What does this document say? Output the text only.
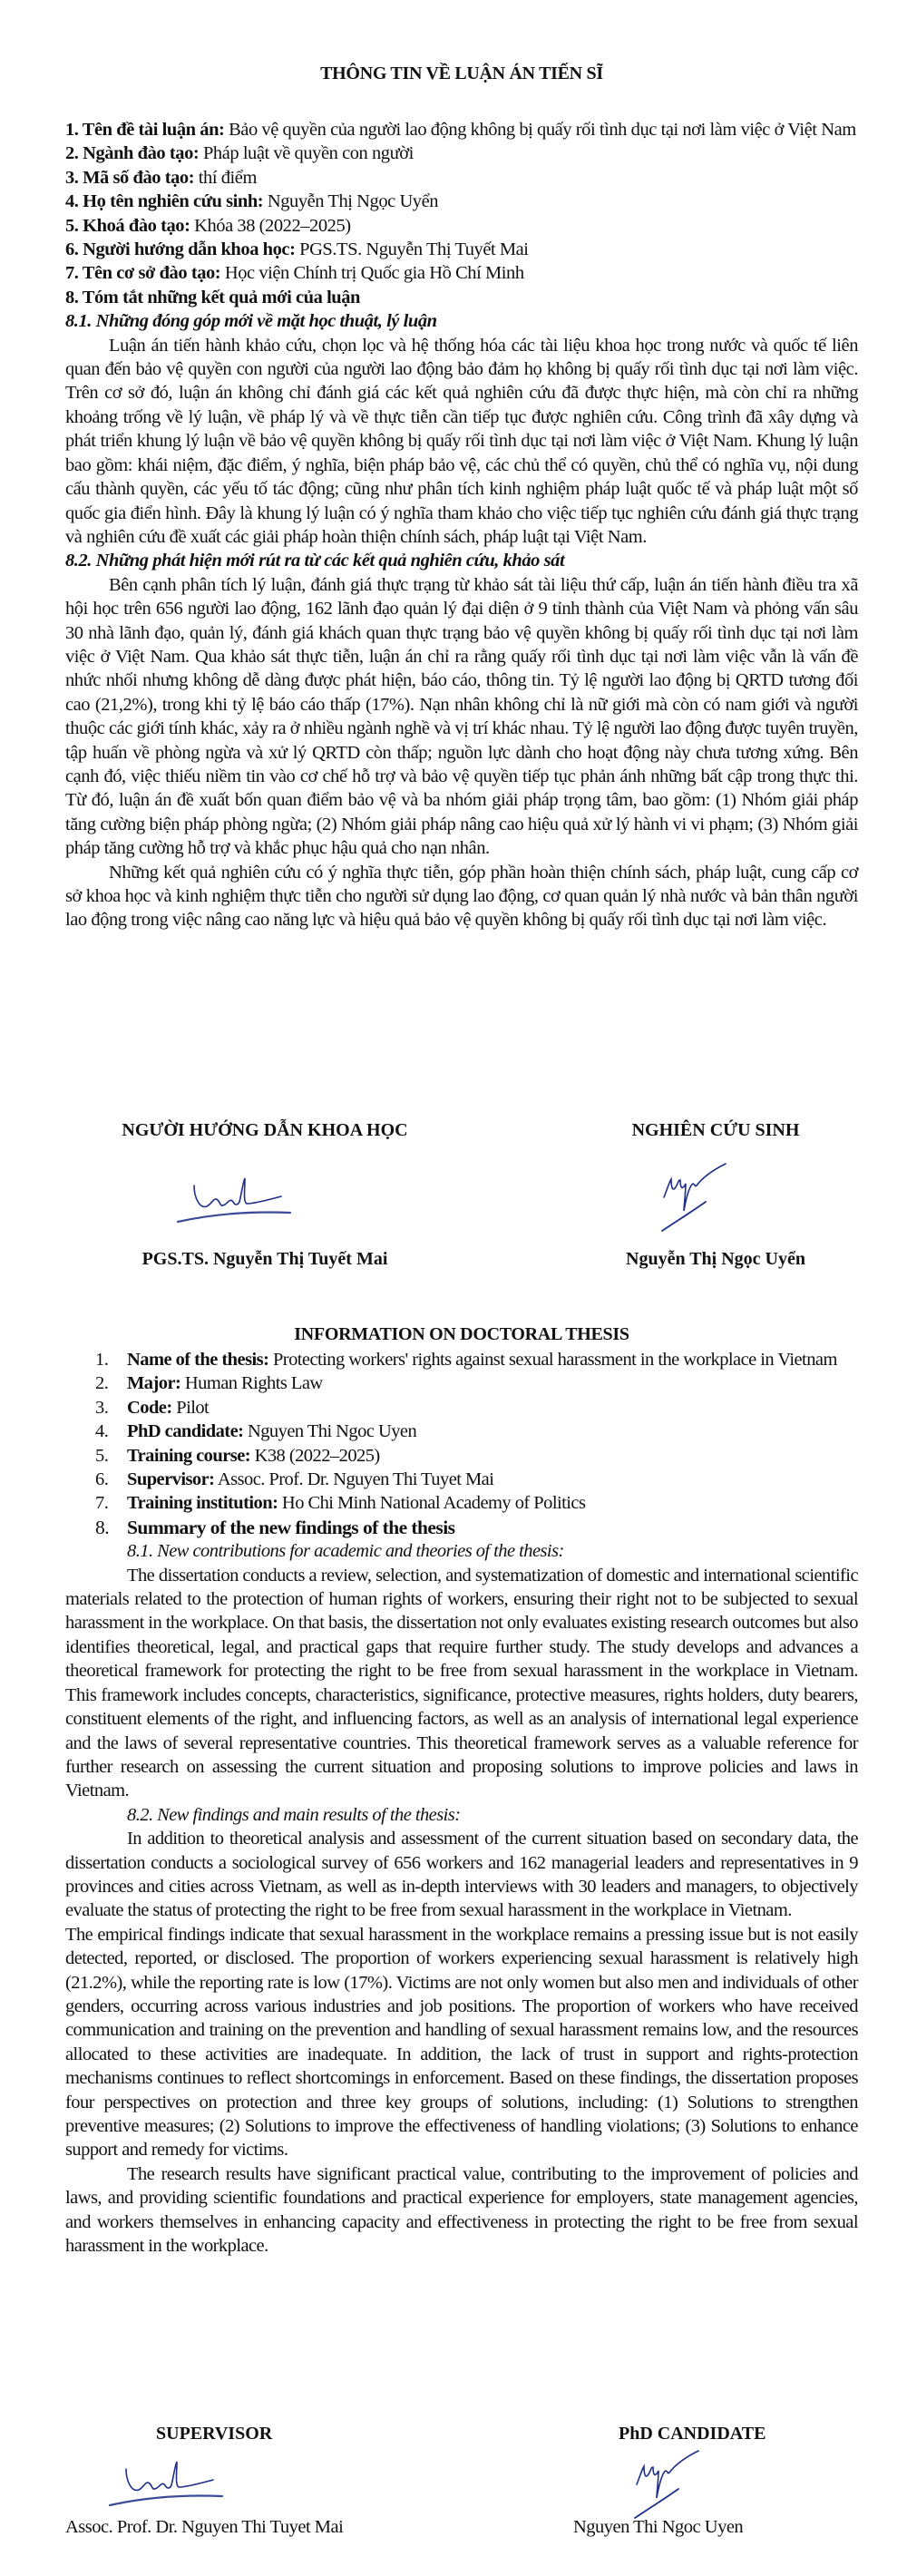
THÔNG TIN VỀ LUẬN ÁN TIẾN SĨ
1. Tên đề tài luận án: Bảo vệ quyền của người lao động không bị quấy rối tình dục tại nơi làm việc ở Việt Nam
2. Ngành đào tạo: Pháp luật về quyền con người
3. Mã số đào tạo: thí điểm
4. Họ tên nghiên cứu sinh: Nguyễn Thị Ngọc Uyển
5. Khoá đào tạo: Khóa 38 (2022–2025)
6. Người hướng dẫn khoa học: PGS.TS. Nguyễn Thị Tuyết Mai
7. Tên cơ sở đào tạo: Học viện Chính trị Quốc gia Hồ Chí Minh
8. Tóm tắt những kết quả mới của luận
8.1. Những đóng góp mới về mặt học thuật, lý luận

Luận án tiến hành khảo cứu, chọn lọc và hệ thống hóa các tài liệu khoa học trong nước và quốc tế liên quan đến bảo vệ quyền con người của người lao động bảo đảm họ không bị quấy rối tình dục tại nơi làm việc. Trên cơ sở đó, luận án không chỉ đánh giá các kết quả nghiên cứu đã được thực hiện, mà còn chỉ ra những khoảng trống về lý luận, về pháp lý và về thực tiễn cần tiếp tục được nghiên cứu. Công trình đã xây dựng và phát triển khung lý luận về bảo vệ quyền không bị quấy rối tình dục tại nơi làm việc ở Việt Nam. Khung lý luận bao gồm: khái niệm, đặc điểm, ý nghĩa, biện pháp bảo vệ, các chủ thể có quyền, chủ thể có nghĩa vụ, nội dung cấu thành quyền, các yếu tố tác động; cũng như phân tích kinh nghiệm pháp luật quốc tế và pháp luật một số quốc gia điển hình. Đây là khung lý luận có ý nghĩa tham khảo cho việc tiếp tục nghiên cứu đánh giá thực trạng và nghiên cứu đề xuất các giải pháp hoàn thiện chính sách, pháp luật tại Việt Nam.

8.2. Những phát hiện mới rút ra từ các kết quả nghiên cứu, khảo sát

Bên cạnh phân tích lý luận, đánh giá thực trạng từ khảo sát tài liệu thứ cấp, luận án tiến hành điều tra xã hội học trên 656 người lao động, 162 lãnh đạo quản lý đại diện ở 9 tỉnh thành của Việt Nam và phỏng vấn sâu 30 nhà lãnh đạo, quản lý, đánh giá khách quan thực trạng bảo vệ quyền không bị quấy rối tình dục tại nơi làm việc ở Việt Nam. Qua khảo sát thực tiễn, luận án chỉ ra rằng quấy rối tình dục tại nơi làm việc vẫn là vấn đề nhức nhối nhưng không dễ dàng được phát hiện, báo cáo, thông tin. Tỷ lệ người lao động bị QRTD tương đối cao (21,2%), trong khi tỷ lệ báo cáo thấp (17%). Nạn nhân không chỉ là nữ giới mà còn có nam giới và người thuộc các giới tính khác, xảy ra ở nhiều ngành nghề và vị trí khác nhau. Tỷ lệ người lao động được tuyên truyền, tập huấn về phòng ngừa và xử lý QRTD còn thấp; nguồn lực dành cho hoạt động này chưa tương xứng. Bên cạnh đó, việc thiếu niềm tin vào cơ chế hỗ trợ và bảo vệ quyền tiếp tục phản ánh những bất cập trong thực thi. Từ đó, luận án đề xuất bốn quan điểm bảo vệ và ba nhóm giải pháp trọng tâm, bao gồm: (1) Nhóm giải pháp tăng cường biện pháp phòng ngừa; (2) Nhóm giải pháp nâng cao hiệu quả xử lý hành vi vi phạm; (3) Nhóm giải pháp tăng cường hỗ trợ và khắc phục hậu quả cho nạn nhân.

Những kết quả nghiên cứu có ý nghĩa thực tiễn, góp phần hoàn thiện chính sách, pháp luật, cung cấp cơ sở khoa học và kinh nghiệm thực tiễn cho người sử dụng lao động, cơ quan quản lý nhà nước và bản thân người lao động trong việc nâng cao năng lực và hiệu quả bảo vệ quyền không bị quấy rối tình dục tại nơi làm việc.

NGƯỜI HƯỚNG DẪN KHOA HỌC	NGHIÊN CỨU SINH
PGS.TS. Nguyễn Thị Tuyết Mai	Nguyễn Thị Ngọc Uyển
INFORMATION ON DOCTORAL THESIS
1. Name of the thesis: Protecting workers' rights against sexual harassment in the workplace in Vietnam
2. Major: Human Rights Law
3. Code: Pilot
4. PhD candidate: Nguyen Thi Ngoc Uyen
5. Training course: K38 (2022–2025)
6. Supervisor: Assoc. Prof. Dr. Nguyen Thi Tuyet Mai
7. Training institution: Ho Chi Minh National Academy of Politics
8. Summary of the new findings of the thesis
8.1. New contributions for academic and theories of the thesis:

The dissertation conducts a review, selection, and systematization of domestic and international scientific materials related to the protection of human rights of workers, ensuring their right not to be subjected to sexual harassment in the workplace. On that basis, the dissertation not only evaluates existing research outcomes but also identifies theoretical, legal, and practical gaps that require further study. The study develops and advances a theoretical framework for protecting the right to be free from sexual harassment in the workplace in Vietnam. This framework includes concepts, characteristics, significance, protective measures, rights holders, duty bearers, constituent elements of the right, and influencing factors, as well as an analysis of international legal experience and the laws of several representative countries. This theoretical framework serves as a valuable reference for further research on assessing the current situation and proposing solutions to improve policies and laws in Vietnam.

8.2. New findings and main results of the thesis:

In addition to theoretical analysis and assessment of the current situation based on secondary data, the dissertation conducts a sociological survey of 656 workers and 162 managerial leaders and representatives in 9 provinces and cities across Vietnam, as well as in-depth interviews with 30 leaders and managers, to objectively evaluate the status of protecting the right to be free from sexual harassment in the workplace in Vietnam.

The empirical findings indicate that sexual harassment in the workplace remains a pressing issue but is not easily detected, reported, or disclosed. The proportion of workers experiencing sexual harassment is relatively high (21.2%), while the reporting rate is low (17%). Victims are not only women but also men and individuals of other genders, occurring across various industries and job positions. The proportion of workers who have received communication and training on the prevention and handling of sexual harassment remains low, and the resources allocated to these activities are inadequate. In addition, the lack of trust in support and rights-protection mechanisms continues to reflect shortcomings in enforcement. Based on these findings, the dissertation proposes four perspectives on protection and three key groups of solutions, including: (1) Solutions to strengthen preventive measures; (2) Solutions to improve the effectiveness of handling violations; (3) Solutions to enhance support and remedy for victims.

The research results have significant practical value, contributing to the improvement of policies and laws, and providing scientific foundations and practical experience for employers, state management agencies, and workers themselves in enhancing capacity and effectiveness in protecting the right to be free from sexual harassment in the workplace.

SUPERVISOR	PhD CANDIDATE
Assoc. Prof. Dr. Nguyen Thi Tuyet Mai	Nguyen Thi Ngoc Uyen
